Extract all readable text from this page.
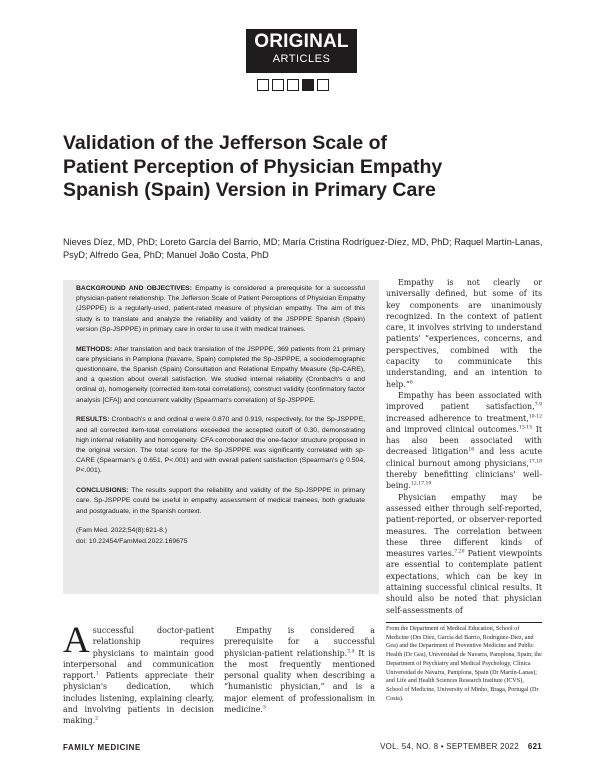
ORIGINAL
ARTICLES
Validation of the Jefferson Scale of Patient Perception of Physician Empathy Spanish (Spain) Version in Primary Care
Nieves Díez, MD, PhD; Loreto García del Barrio, MD; María Cristina Rodríguez-Díez, MD, PhD; Raquel Martín-Lanas, PsyD; Alfredo Gea, PhD; Manuel João Costa, PhD

BACKGROUND AND OBJECTIVES: Empathy is considered a prerequisite for a successful physician-patient relationship. The Jefferson Scale of Patient Perceptions of Physician Empathy (JSPPPE) is a regularly-used, patient-rated measure of physician empathy. The aim of this study is to translate and analyze the reliability and validity of the JSPPPE Spanish (Spain) version (Sp-JSPPPE) in primary care in order to use it with medical trainees.

METHODS: After translation and back translation of the JSPPPE, 369 patients from 21 primary care physicians in Pamplona (Navarre, Spain) completed the Sp-JSPPPE, a sociodemographic questionnaire, the Spanish (Spain) Consultation and Relational Empathy Measure (Sp-CARE), and a question about overall satisfaction. We studied internal reliability (Cronbach's α and ordinal α), homogeneity (corrected item-total correlations), construct validity (confirmatory factor analysis [CFA]) and concurrent validity (Spearman's correlation) of Sp-JSPPPE.

RESULTS: Cronbach's α and ordinal α were 0.870 and 0.919, respectively, for the Sp-JSPPPE, and all corrected item-total correlations exceeded the accepted cutoff of 0.30, demonstrating high internal reliability and homogeneity. CFA corroborated the one-factor structure proposed in the original version. The total score for the Sp-JSPPPE was significantly correlated with sp-CARE (Spearman's ϱ 0.651, P<.001) and with overall patient satisfaction (Spearman's ϱ 0.504, P<.001).

CONCLUSIONS: The results support the reliability and validity of the Sp-JSPPPE in primary care. Sp-JSPPPE could be useful in empathy assessment of medical trainees, both graduate and postgraduate, in the Spanish context.

(Fam Med. 2022;54(8):621-8.)
doi: 10.22454/FamMed.2022.169675

Empathy is not clearly or universally defined, but some of its key components are unanimously recognized. In the context of patient care, it involves striving to understand patients' “experiences, concerns, and perspectives, combined with the capacity to communicate this understanding, and an intention to help.”$^6$

Empathy has been associated with improved patient satisfaction,$^{7-9}$ increased adherence to treatment,$^{10-12}$ and improved clinical outcomes.$^{13-15}$ It has also been associated with decreased litigation$^{16}$ and less acute clinical burnout among physicians,$^{17,18}$ thereby benefitting clinicians' well-being.$^{12,17,19}$

Physician empathy may be assessed either through self-reported, patient-reported, or observer-reported measures. The correlation between these three different kinds of measures varies.$^{7,20}$ Patient viewpoints are essential to contemplate patient expectations, which can be key in attaining successful clinical results. It should also be noted that physician self-assessments of

A successful doctor-patient relationship requires physicians to maintain good interpersonal and communication rapport.$^1$ Patients appreciate their physician's dedication, which includes listening, explaining clearly, and involving patients in decision making.$^2$

Empathy is considered a prerequisite for a successful physician-patient relationship.$^{3,4}$ It is the most frequently mentioned personal quality when describing a “humanistic physician,” and is a major element of professionalism in medicine.$^5$

From the Department of Medical Education, School of Medicine (Drs Díez, García del Barrio, Rodríguez-Díez, and Gea) and the Department of Preventive Medicine and Public Health (Dr Gea), Universidad de Navarra, Pamplona, Spain; the Department of Psychiatry and Medical Psychology, Clínica Universidad de Navarra, Pamplona, Spain (Dr Martín-Lanas); and Life and Health Sciences Research Institute (ICVS), School of Medicine, University of Minho, Braga, Portugal (Dr Costa).
FAMILY MEDICINE	VOL. 54, NO. 8 • SEPTEMBER 2022 621
